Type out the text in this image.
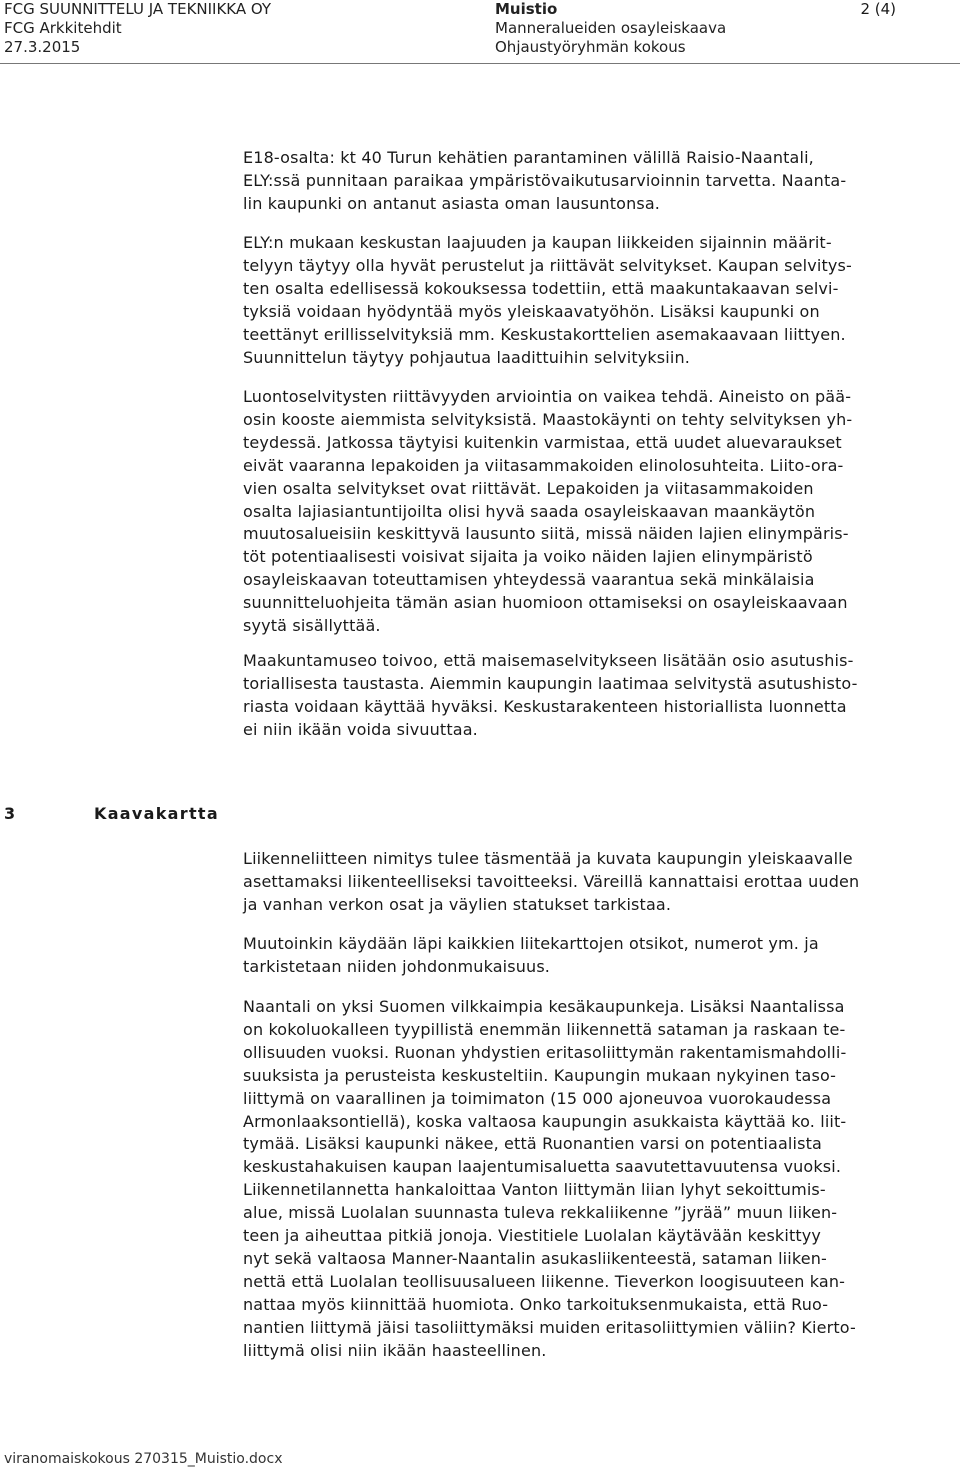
FCG SUUNNITTELU JA TEKNIIKKA OY
FCG Arkkitehdit
27.3.2015
Muistio
Manneralueiden osayleiskaava
Ohjaustyöryhmän kokous
2 (4)

E18-osalta: kt 40 Turun kehätien parantaminen välillä Raisio-Naantali,
ELY:ssä punnitaan paraikaa ympäristövaikutusarvioinnin tarvetta. Naanta-
lin kaupunki on antanut asiasta oman lausuntonsa.

ELY:n mukaan keskustan laajuuden ja kaupan liikkeiden sijainnin määrit-
telyyn täytyy olla hyvät perustelut ja riittävät selvitykset. Kaupan selvitys-
ten osalta edellisessä kokouksessa todettiin, että maakuntakaavan selvi-
tyksiä voidaan hyödyntää myös yleiskaavatyöhön. Lisäksi kaupunki on
teettänyt erillisselvityksiä mm. Keskustakorttelien asemakaavaan liittyen.
Suunnittelun täytyy pohjautua laadittuihin selvityksiin.

Luontoselvitysten riittävyyden arviointia on vaikea tehdä. Aineisto on pää-
osin kooste aiemmista selvityksistä. Maastokäynti on tehty selvityksen yh-
teydessä. Jatkossa täytyisi kuitenkin varmistaa, että uudet aluevaraukset
eivät vaaranna lepakoiden ja viitasammakoiden elinolosuhteita. Liito-ora-
vien osalta selvitykset ovat riittävät. Lepakoiden ja viitasammakoiden
osalta lajiasiantuntijoilta olisi hyvä saada osayleiskaavan maankäytön
muutosalueisiin keskittyvä lausunto siitä, missä näiden lajien elinympäris-
töt potentiaalisesti voisivat sijaita ja voiko näiden lajien elinympäristö
osayleiskaavan toteuttamisen yhteydessä vaarantua sekä minkälaisia
suunnitteluohjeita tämän asian huomioon ottamiseksi on osayleiskaavaan
syytä sisällyttää.

Maakuntamuseo toivoo, että maisemaselvitykseen lisätään osio asutushis-
toriallisesta taustasta. Aiemmin kaupungin laatimaa selvitystä asutushisto-
riasta voidaan käyttää hyväksi. Keskustarakenteen historiallista luonnetta
ei niin ikään voida sivuuttaa.

3	Kaavakartta

Liikenneliitteen nimitys tulee täsmentää ja kuvata kaupungin yleiskaavalle
asettamaksi liikenteelliseksi tavoitteeksi. Väreillä kannattaisi erottaa uuden
ja vanhan verkon osat ja väylien statukset tarkistaa.

Muutoinkin käydään läpi kaikkien liitekarttojen otsikot, numerot ym. ja
tarkistetaan niiden johdonmukaisuus.

Naantali on yksi Suomen vilkkaimpia kesäkaupunkeja. Lisäksi Naantalissa
on kokoluokalleen tyypillistä enemmän liikennettä sataman ja raskaan te-
ollisuuden vuoksi. Ruonan yhdystien eritasoliittymän rakentamismahdolli-
suuksista ja perusteista keskusteltiin. Kaupungin mukaan nykyinen taso-
liittymä on vaarallinen ja toimimaton (15 000 ajoneuvoa vuorokaudessa
Armonlaaksontiellä), koska valtaosa kaupungin asukkaista käyttää ko. liit-
tymää. Lisäksi kaupunki näkee, että Ruonantien varsi on potentiaalista
keskustahakuisen kaupan laajentumisaluetta saavutettavuutensa vuoksi.
Liikennetilannetta hankaloittaa Vanton liittymän liian lyhyt sekoittumis-
alue, missä Luolalan suunnasta tuleva rekkaliikenne ”jyrää” muun liiken-
teen ja aiheuttaa pitkiä jonoja. Viestitiele Luolalan käytävään keskittyy
nyt sekä valtaosa Manner-Naantalin asukasliikenteestä, sataman liiken-
nettä että Luolalan teollisuusalueen liikenne. Tieverkon loogisuuteen kan-
nattaa myös kiinnittää huomiota. Onko tarkoituksenmukaista, että Ruo-
nantien liittymä jäisi tasoliittymäksi muiden eritasoliittymien väliin? Kierto-
liittymä olisi niin ikään haasteellinen.

viranomaiskokous 270315_Muistio.docx
